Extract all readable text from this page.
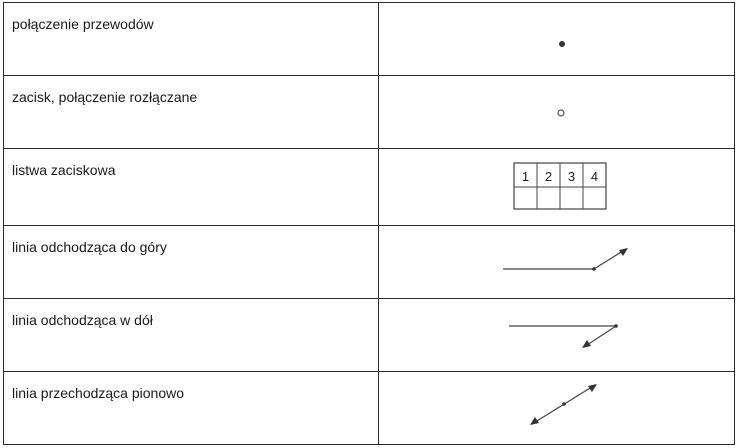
połączenie przewodów	

zacisk, połączenie rozłączane	

listwa zaciskowa	1 2 3 4

linia odchodząca do góry	

linia odchodząca w dół	

linia przechodząca pionowo	
